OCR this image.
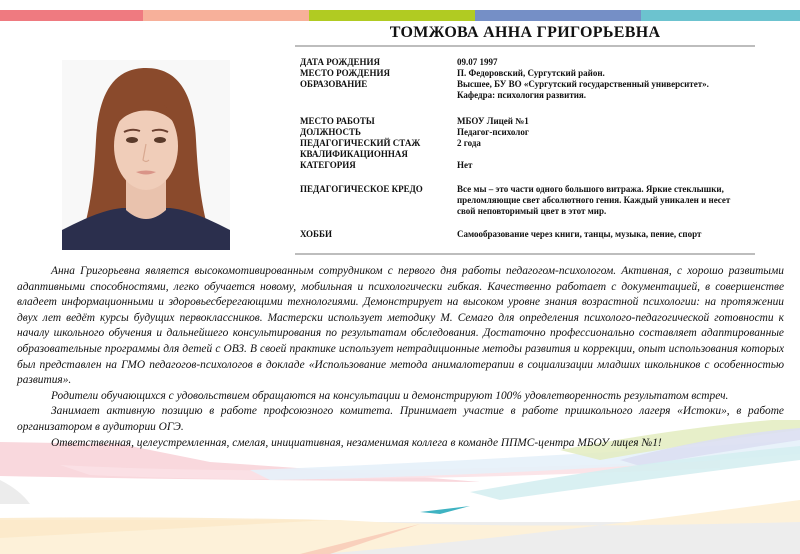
ТОМЖОВА АННА ГРИГОРЬЕВНА
ДАТА РОЖДЕНИЯ	09.07 1997
МЕСТО РОЖДЕНИЯ	П. Федоровский, Сургутский район.
ОБРАЗОВАНИЕ	Высшее, БУ ВО «Сургутский государственный университет».
Кафедра: психология развития.
МЕСТО РАБОТЫ	МБОУ Лицей №1
ДОЛЖНОСТЬ	Педагог-психолог
ПЕДАГОГИЧЕСКИЙ СТАЖ	2 года
КВАЛИФИКАЦИОННАЯ
КАТЕГОРИЯ	Нет
ПЕДАГОГИЧЕСКОЕ КРЕДО	Все мы – это части одного большого витража. Яркие стеклышки, преломляющие свет абсолютного гения. Каждый уникален и несет свой неповторимый цвет в этот мир.
ХОББИ	Самообразование через книги, танцы, музыка, пение, спорт

Анна Григорьевна является высокомотивированным сотрудником с первого дня работы педагогом-психологом. Активная, с хорошо развитыми адаптивными способностями, легко обучается новому, мобильная и психологически гибкая. Качественно работает с документацией, в совершенстве владеет информационными и здоровьесберегающими технологиями. Демонстрирует на высоком уровне знания возрастной психологии: на протяжении двух лет ведёт курсы будущих первоклассников. Мастерски использует методику М. Семаго для определения психолого-педагогической готовности к началу школьного обучения и дальнейшего консультирования по результатам обследования. Достаточно профессионально составляет адаптированные образовательные программы для детей с ОВЗ. В своей практике использует нетрадиционные методы развития и коррекции, опыт использования которых был представлен на ГМО педагогов-психологов в докладе «Использование метода анималотерапии в социализации младших школьников с особенностью развития».

Родители обучающихся с удовольствием обращаются на консультации и демонстрируют 100% удовлетворенность результатом встреч.

Занимает активную позицию в работе профсоюзного комитета. Принимает участие в работе пришкольного лагеря «Истоки», в работе организатором в аудитории ОГЭ.

Ответственная, целеустремленная, смелая, инициативная, незаменимая коллега в команде ППМС-центра МБОУ лицея №1!
